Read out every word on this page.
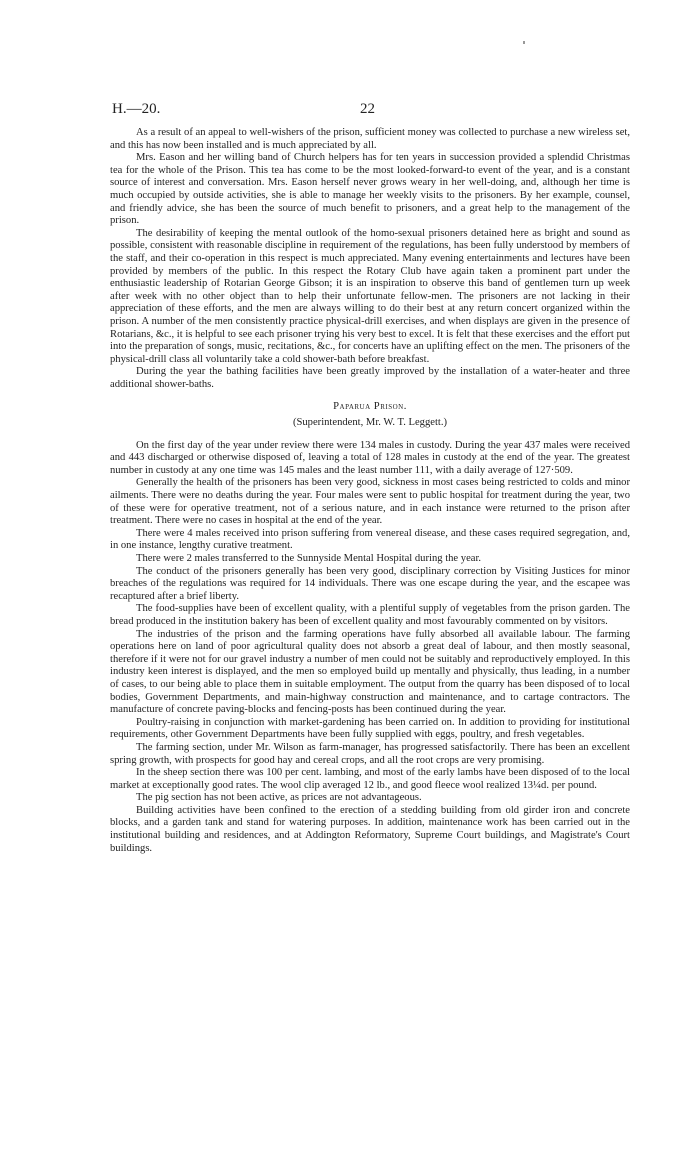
H.—20.	22

As a result of an appeal to well-wishers of the prison, sufficient money was collected to purchase a new wireless set, and this has now been installed and is much appreciated by all.

Mrs. Eason and her willing band of Church helpers has for ten years in succession provided a splendid Christmas tea for the whole of the Prison. This tea has come to be the most looked-forward-to event of the year, and is a constant source of interest and conversation. Mrs. Eason herself never grows weary in her well-doing, and, although her time is much occupied by outside activities, she is able to manage her weekly visits to the prisoners. By her example, counsel, and friendly advice, she has been the source of much benefit to prisoners, and a great help to the management of the prison.

The desirability of keeping the mental outlook of the homo-sexual prisoners detained here as bright and sound as possible, consistent with reasonable discipline in requirement of the regulations, has been fully understood by members of the staff, and their co-operation in this respect is much appreciated. Many evening entertainments and lectures have been provided by members of the public. In this respect the Rotary Club have again taken a prominent part under the enthusiastic leadership of Rotarian George Gibson; it is an inspiration to observe this band of gentlemen turn up week after week with no other object than to help their unfortunate fellow-men. The prisoners are not lacking in their appreciation of these efforts, and the men are always willing to do their best at any return concert organized within the prison. A number of the men consistently practice physical-drill exercises, and when displays are given in the presence of Rotarians, &c., it is helpful to see each prisoner trying his very best to excel. It is felt that these exercises and the effort put into the preparation of songs, music, recitations, &c., for concerts have an uplifting effect on the men. The prisoners of the physical-drill class all voluntarily take a cold shower-bath before breakfast.

During the year the bathing facilities have been greatly improved by the installation of a water-heater and three additional shower-baths.

Paparua Prison.

(Superintendent, Mr. W. T. Leggett.)

On the first day of the year under review there were 134 males in custody. During the year 437 males were received and 443 discharged or otherwise disposed of, leaving a total of 128 males in custody at the end of the year. The greatest number in custody at any one time was 145 males and the least number 111, with a daily average of 127·509.

Generally the health of the prisoners has been very good, sickness in most cases being restricted to colds and minor ailments. There were no deaths during the year. Four males were sent to public hospital for treatment during the year, two of these were for operative treatment, not of a serious nature, and in each instance were returned to the prison after treatment. There were no cases in hospital at the end of the year.

There were 4 males received into prison suffering from venereal disease, and these cases required segregation, and, in one instance, lengthy curative treatment.

There were 2 males transferred to the Sunnyside Mental Hospital during the year.

The conduct of the prisoners generally has been very good, disciplinary correction by Visiting Justices for minor breaches of the regulations was required for 14 individuals. There was one escape during the year, and the escapee was recaptured after a brief liberty.

The food-supplies have been of excellent quality, with a plentiful supply of vegetables from the prison garden. The bread produced in the institution bakery has been of excellent quality and most favourably commented on by visitors.

The industries of the prison and the farming operations have fully absorbed all available labour. The farming operations here on land of poor agricultural quality does not absorb a great deal of labour, and then mostly seasonal, therefore if it were not for our gravel industry a number of men could not be suitably and reproductively employed. In this industry keen interest is displayed, and the men so employed build up mentally and physically, thus leading, in a number of cases, to our being able to place them in suitable employment. The output from the quarry has been disposed of to local bodies, Government Departments, and main-highway construction and maintenance, and to cartage contractors. The manufacture of concrete paving-blocks and fencing-posts has been continued during the year.

Poultry-raising in conjunction with market-gardening has been carried on. In addition to providing for institutional requirements, other Government Departments have been fully supplied with eggs, poultry, and fresh vegetables.

The farming section, under Mr. Wilson as farm-manager, has progressed satisfactorily. There has been an excellent spring growth, with prospects for good hay and cereal crops, and all the root crops are very promising.

In the sheep section there was 100 per cent. lambing, and most of the early lambs have been disposed of to the local market at exceptionally good rates. The wool clip averaged 12 lb., and good fleece wool realized 13¼d. per pound.

The pig section has not been active, as prices are not advantageous.

Building activities have been confined to the erection of a stedding building from old girder iron and concrete blocks, and a garden tank and stand for watering purposes. In addition, maintenance work has been carried out in the institutional building and residences, and at Addington Reformatory, Supreme Court buildings, and Magistrate's Court buildings.
